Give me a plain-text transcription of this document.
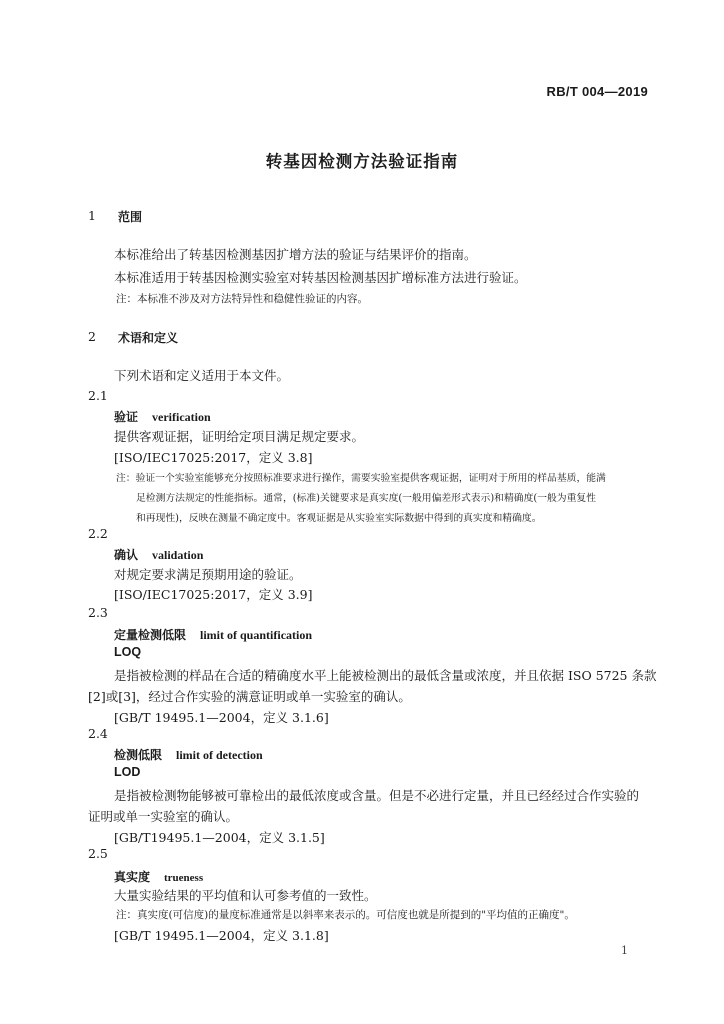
RB/T 004—2019
转基因检测方法验证指南
1 范围
本标准给出了转基因检测基因扩增方法的验证与结果评价的指南。
本标准适用于转基因检测实验室对转基因检测基因扩增标准方法进行验证。
注：本标准不涉及对方法特异性和稳健性验证的内容。
2 术语和定义
下列术语和定义适用于本文件。
2.1
验证 verification
提供客观证据，证明给定项目满足规定要求。
[ISO/IEC17025:2017，定义 3.8]
注：验证一个实验室能够充分按照标准要求进行操作，需要实验室提供客观证据，证明对于所用的样品基质，能满
足检测方法规定的性能指标。通常，(标准)关键要求是真实度(一般用偏差形式表示)和精确度(一般为重复性
和再现性)，反映在测量不确定度中。客观证据是从实验室实际数据中得到的真实度和精确度。
2.2
确认 validation
对规定要求满足预期用途的验证。
[ISO/IEC17025:2017，定义 3.9]
2.3
定量检测低限 limit of quantification
LOQ
是指被检测的样品在合适的精确度水平上能被检测出的最低含量或浓度，并且依据 ISO 5725 条款
[2]或[3]，经过合作实验的满意证明或单一实验室的确认。
[GB/T 19495.1—2004，定义 3.1.6]
2.4
检测低限 limit of detection
LOD
是指被检测物能够被可靠检出的最低浓度或含量。但是不必进行定量，并且已经经过合作实验的
证明或单一实验室的确认。
[GB/T19495.1—2004，定义 3.1.5]
2.5
真实度 trueness
大量实验结果的平均值和认可参考值的一致性。
注：真实度(可信度)的量度标准通常是以斜率来表示的。可信度也就是所提到的"平均值的正确度"。
[GB/T 19495.1—2004，定义 3.1.8]
1
